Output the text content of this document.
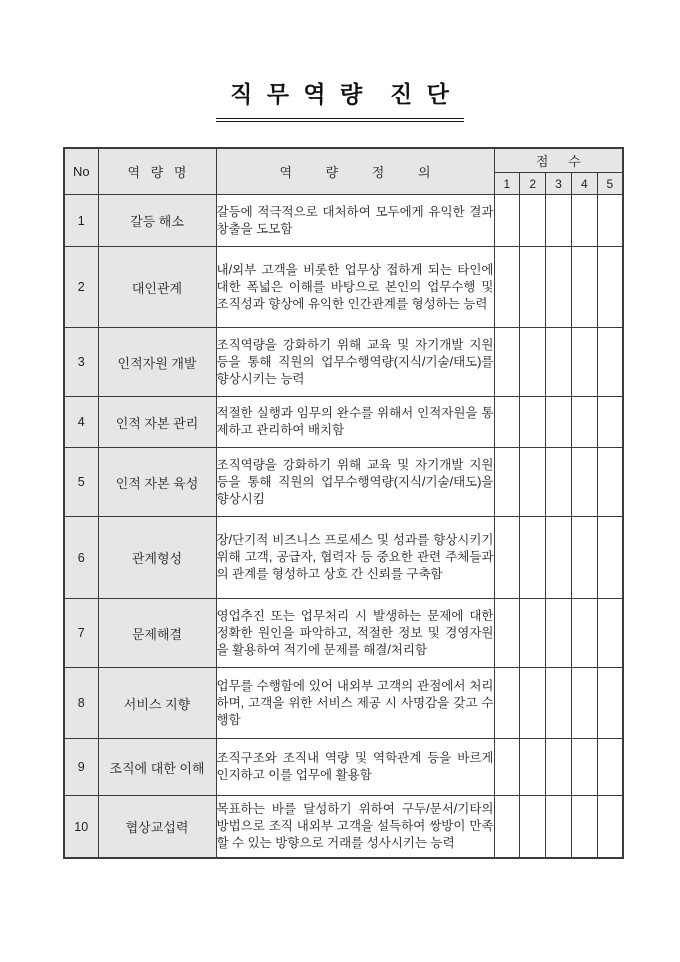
직 무 역 량  진 단
No	역 량 명	역 량 정 의	점 수				
			1	2	3	4	5
1	갈등 해소	갈등에 적극적으로 대처하여 모두에게 유익한 결과 창출을 도모함					
2	대인관계	내/외부 고객을 비롯한 업무상 접하게 되는 타인에 대한 폭넓은 이해를 바탕으로 본인의 업무수행 및 조직성과 향상에 유익한 인간관계를 형성하는 능력					
3	인적자원 개발	조직역량을 강화하기 위해 교육 및 자기개발 지원 등을 통해 직원의 업무수행역량(지식/기술/태도)를 향상시키는 능력					
4	인적 자본 관리	적절한 실행과 임무의 완수를 위해서 인적자원을 통제하고 관리하여 배치함					
5	인적 자본 육성	조직역량을 강화하기 위해 교육 및 자기개발 지원 등을 통해 직원의 업무수행역량(지식/기술/태도)을 향상시킴					
6	관계형성	장/단기적 비즈니스 프로세스 및 성과를 향상시키기 위해 고객, 공급자, 협력자 등 중요한 관련 주체들과의 관계를 형성하고 상호 간 신뢰를 구축함					
7	문제해결	영업추진 또는 업무처리 시 발생하는 문제에 대한 정확한 원인을 파악하고, 적절한 정보 및 경영자원을 활용하여 적기에 문제를 해결/처리함					
8	서비스 지향	업무를 수행함에 있어 내외부 고객의 관점에서 처리하며, 고객을 위한 서비스 제공 시 사명감을 갖고 수행함					
9	조직에 대한 이해	조직구조와 조직내 역량 및 역학관계 등을 바르게 인지하고 이를 업무에 활용함					
10	협상교섭력	목표하는 바를 달성하기 위하여 구두/문서/기타의 방법으로 조직 내외부 고객을 설득하여 쌍방이 만족할 수 있는 방향으로 거래를 성사시키는 능력					
